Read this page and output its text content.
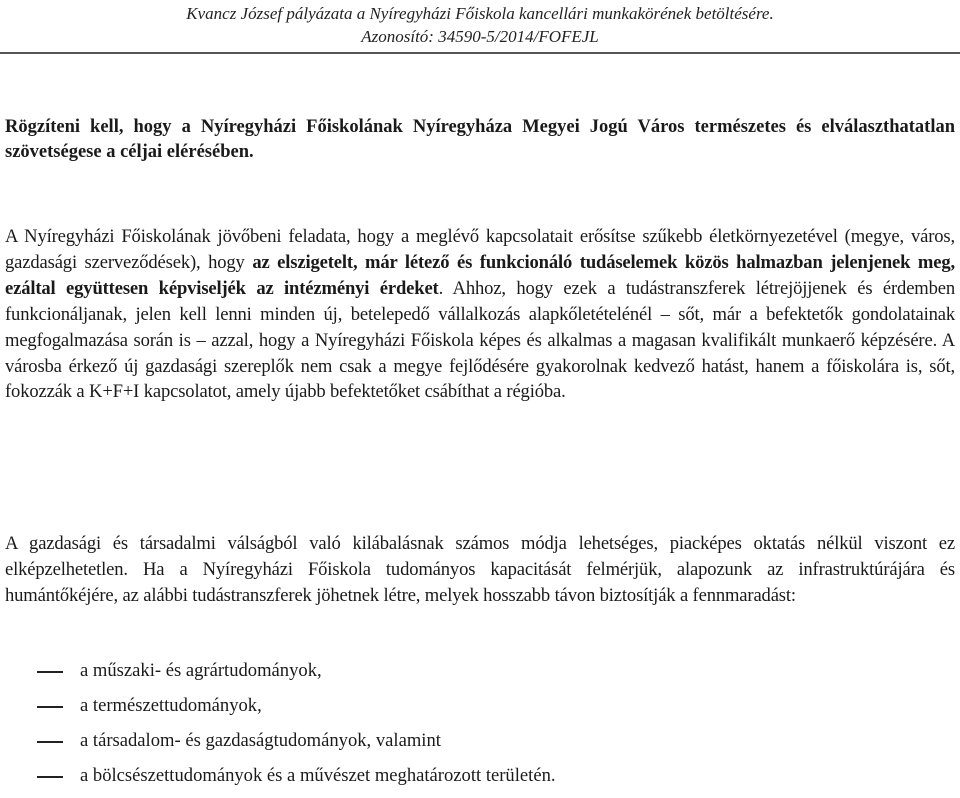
Kvancz József pályázata a Nyíregyházi Főiskola kancellári munkakörének betöltésére.
Azonosító: 34590-5/2014/FOFEJL
Rögzíteni kell, hogy a Nyíregyházi Főiskolának Nyíregyháza Megyei Jogú Város természetes és elválaszthatatlan szövetségese a céljai elérésében.
A Nyíregyházi Főiskolának jövőbeni feladata, hogy a meglévő kapcsolatait erősítse szűkebb életkörnyezetével (megye, város, gazdasági szerveződések), hogy az elszigetelt, már létező és funkcionáló tudáselemek közös halmazban jelenjenek meg, ezáltal együttesen képviseljék az intézményi érdeket. Ahhoz, hogy ezek a tudástranszferek létrejöjjenek és érdemben funkcionáljanak, jelen kell lenni minden új, betelepedő vállalkozás alapkőletételénél – sőt, már a befektetők gondolatainak megfogalmazása során is – azzal, hogy a Nyíregyházi Főiskola képes és alkalmas a magasan kvalifikált munkaerő képzésére. A városba érkező új gazdasági szereplők nem csak a megye fejlődésére gyakorolnak kedvező hatást, hanem a főiskolára is, sőt, fokozzák a K+F+I kapcsolatot, amely újabb befektetőket csábíthat a régióba.
A gazdasági és társadalmi válságból való kilábalásnak számos módja lehetséges, piacképes oktatás nélkül viszont ez elképzelhetetlen. Ha a Nyíregyházi Főiskola tudományos kapacitását felmérjük, alapozunk az infrastruktúrájára és humántőkéjére, az alábbi tudástranszferek jöhetnek létre, melyek hosszabb távon biztosítják a fennmaradást:
a műszaki- és agrártudományok,
a természettudományok,
a társadalom- és gazdaságtudományok, valamint
a bölcsészettudományok és a művészet meghatározott területén.
